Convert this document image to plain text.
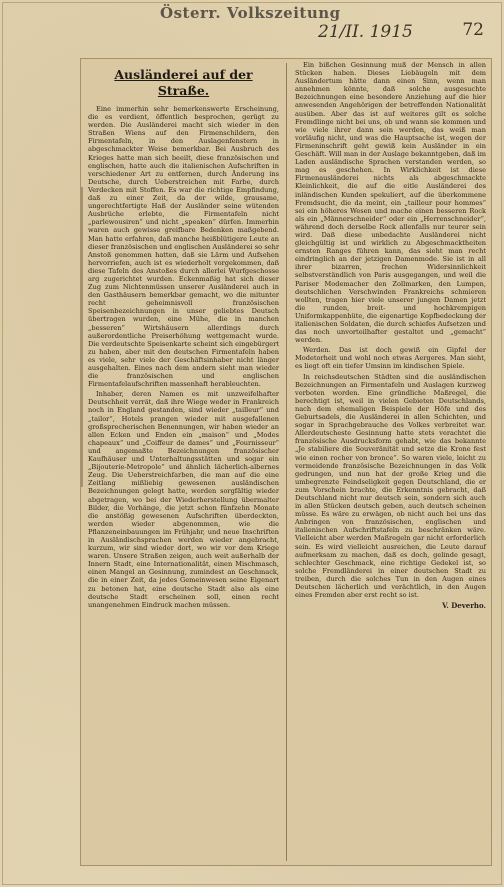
Österr. Volkszeitung
21/II. 1915	72
Ausländerei auf der Straße.
Eine immerhin sehr bemerkenswerte Erscheinung, die es verdient, öffentlich besprochen, gerügt zu werden. Die Ausländerei macht sich wieder in den Straßen Wiens auf den Firmenschildern, den Firmentafeln, in den Auslagenfenstern in abgeschmackter Weise bemerkbar. Bei Ausbruch des Krieges hatte man sich beeilt, diese französischen und englischen, hatte auch die italienischen Aufschriften in verschiedener Art zu entfernen, durch Änderung ins Deutsche, durch Ueberstreichen mit Farbe, durch Verdecken mit Stoffen. Es war die richtige Empfindung, daß zu einer Zeit, da der wilde, grausame, ungerechtfertigte Haß der Ausländer seine wütenden Ausbrüche erlebte, die Firmentafeln nicht „parlewousiren“ und nicht „speaken“ dürfen. Immerhin waren auch gewisse greifbare Bedenken maßgebend. Man hatte erfahren, daß manche heißblütigere Leute an dieser französischen und englischen Ausländerei so sehr Anstoß genommen hatten, daß sie Lärm und Aufsehen hervorriefen, auch ist es wiederholt vorgekommen, daß diese Tafeln des Anstoßes durch allerlei Wurfgeschosse arg zugerichtet wurden. Eckenmaßig hat sich dieser Zug zum Nichtenmüssen unserer Ausländerei auch in den Gasthäusern bemerkbar gemacht, wo die mitunter recht geheimnisvoll französischen Speisenbezeichnungen in unser geliebtes Deutsch übertragen wurden, eine Mühe, die in manchen „besseren“ Wirtshäusern allerdings durch außerordentliche Preiserhöhung wettgemacht wurde. Die verdeutschte Speisenkarte scheint sich eingebürgert zu haben, aber mit den deutschen Firmentafeln haben es viele, sehr viele der Geschäftsinhaber nicht länger ausgehalten. Eines nach dem andern sieht man wieder die französischen und englischen Firmentafelaufschriften massenhaft herableuchten.
Inhaber, deren Namen es mit unzweifelhafter Deutschheit verrät, daß ihre Wiege weder in Frankreich noch in England gestanden, sind wieder „tailleur“ und „tailor“, Hotels prangen wieder mit ausgefallenen großsprecherischen Benennungen, wir haben wieder an allen Ecken und Enden ein „maison“ und „Modes chapeaux“ und „Coiffeur de dames“ und „Fournisseur“ und angemaßte Bezeichnungen französischer Kaufhäuser und Unterhaltungsstätten und sogar ein „Bijouterie-Metropole“ und ähnlich lächerlich-albernes Zeug. Die Ueberstreichfarben, die man auf die eine Zeitlang mißliebig gewesenen ausländischen Bezeichnungen gelegt hatte, werden sorgfältig wieder abgetragen, wo bei der Wiederherstellung übermalter Bilder, die Vorhänge, die jetzt schon fünfzehn Monate die anstößig gewesenen Aufschriften überdeckten, werden wieder abgenommen, wie die Pflanzeneinbauungen im Frühjahr, und neue Inschriften in Ausländischsprachen werden wieder angebracht, kurzum, wir sind wieder dort, wo wir vor dem Kriege waren. Unsere Straßen zeigen, auch weit außerhalb der Innern Stadt, eine Internationalität, einen Mischmasch, einen Mangel an Gesinnung, zumindest an Geschmack, die in einer Zeit, da jedes Gemeinwesen seine Eigenart zu betonen hat, eine deutsche Stadt also als eine deutsche Stadt erscheinen soll, einen recht unangenehmen Eindruck machen müssen.
Ein bißchen Gesinnung muß der Mensch in allen Stücken haben. Dieses Liebäugeln mit dem Ausländertum hätte dann einen Sinn, wenn man annehmen könnte, daß solche ausgesuchte Bezeichnungen eine besondere Anziehung auf die hier anwesenden Angehörigen der betreffenden Nationalität ausüben. Aber das ist auf weiteres gilt es solche Fremdlinge nicht bei uns, ob und wann sie kommen und wie viele ihrer dann sein werden, das weiß man vorläufig nicht, und was die Hauptsache ist, wegen der Firmeninschrift geht gewiß kein Ausländer in ein Geschäft. Will man in der Auslage bekanntgeben, daß im Laden ausländische Sprachen verstanden werden, so mag es geschehen. In Wirklichkeit ist diese Firmenausländerei nichts als abgeschmackte Kleinlichkeit, die auf die eitle Ausländerei des inländischen Kunden spekuliert, auf die überkommene Fremdsucht, die da meint, ein „tailleur pour hommes“ sei ein höheres Wesen und mache einen besseren Rock als ein „Männerschneider“ oder ein „Herrenschneider“, während doch derselbe Rock allenfalls nur teurer sein wird. Daß diese unbedachte Ausländerei nicht gleichgültig ist und wirklich zu Abgeschmacktheiten ernsten Ranges führen kann, das sieht man recht eindringlich an der jetzigen Damenmode. Sie ist in all ihrer bizarren, frechen Widersinnlichkeit selbstverständlich von Paris ausgegangen, und weil die Pariser Modemacher den Zollmarken, den Lumpen, deutschlichen Verschwinden Frankreichs schmieren wollten, tragen hier viele unserer jungen Damen jetzt die runden, breit- und hochkrempigen Uniformkappenhüte, die eigenartige Kopfbedeckung der italienischen Soldaten, die durch schiefes Aufsetzen und das noch unvorteilhafter gestaltet und „gemacht“ werden.
Werden. Das ist doch gewiß ein Gipfel der Modetorheit und wohl noch etwas Aergeres. Man sieht, es liegt oft ein tiefer Umsinn im kindischen Spiele.
In reichsdeutschen Städten sind die ausländischen Bezeichnungen an Firmentafeln und Auslagen kurzweg verboten worden. Eine gründliche Maßregel, die berechtigt ist, weil in vielen Gebieten Deutschlands, nach dem ehemaligen Beispiele der Höfe und des Geburtsadels, die Ausländerei in allen Schichten, und sogar in Sprachgebrauche des Volkes verbreitet war. Allerdeutscheste Gesinnung hatte stets verachtet die französische Ausdrucksform gehabt, wie das bekannte „Je stabiliere die Souveränität und setze die Krone fest wie einen rocher von bronce“. So waren viele, leicht zu vermeidende französische Bezeichnungen in das Volk gedrungen, und nun hat der große Krieg und die umbegrenzte Feindseligkeit gegen Deutschland, die er zum Vorschein brachte, die Erkenntnis gebracht, daß Deutschland nicht nur deutsch sein, sondern sich auch in allen Stücken deutsch geben, auch deutsch scheinen müsse. Es wäre zu erwägen, ob nicht auch bei uns das Anbringen von französischen, englischen und italienischen Aufschriftstafeln zu beschränken wäre. Vielleicht aber werden Maßregeln gar nicht erforderlich sein. Es wird vielleicht ausreichen, die Leute darauf aufmerksam zu machen, daß es doch, gelinde gesagt, schlechter Geschmack, eine richtige Gedekel ist, so solche Fremdländerei in einer deutschen Stadt zu treiben, durch die solches Tun in den Augen eines Deutschen lächerlich und verächtlich, in den Augen eines Fremden aber erst recht so ist.
V. Deverho.
